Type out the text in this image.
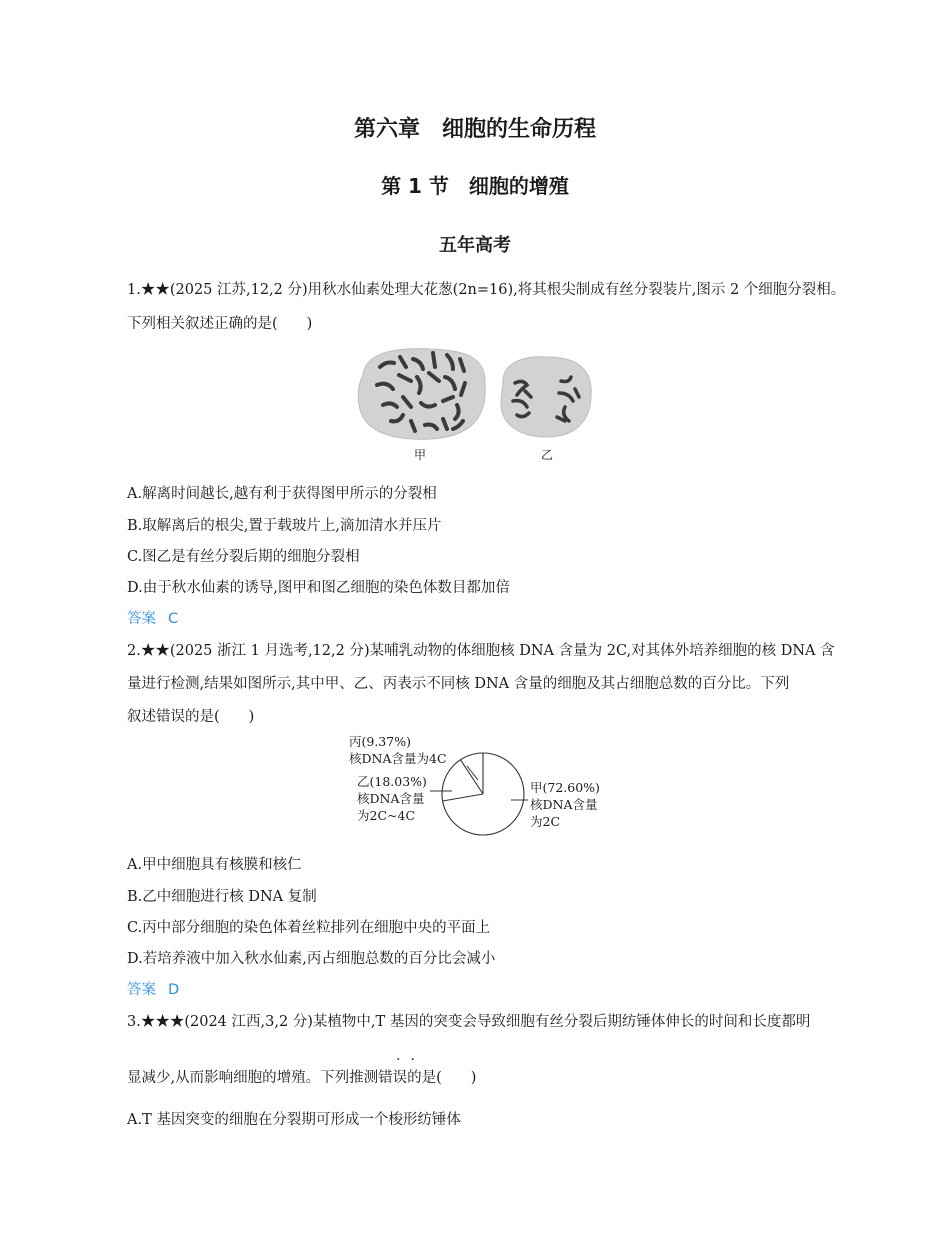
第六章　细胞的生命历程
第 1 节　细胞的增殖
五年高考
1.★★(2025 江苏,12,2 分)用秋水仙素处理大花葱(2n=16),将其根尖制成有丝分裂装片,图示 2 个细胞分裂相。
下列相关叙述正确的是(　　)
甲	乙
A.解离时间越长,越有利于获得图甲所示的分裂相
B.取解离后的根尖,置于载玻片上,滴加清水并压片
C.图乙是有丝分裂后期的细胞分裂相
D.由于秋水仙素的诱导,图甲和图乙细胞的染色体数目都加倍
答案 C
2.★★(2025 浙江 1 月选考,12,2 分)某哺乳动物的体细胞核 DNA 含量为 2C,对其体外培养细胞的核 DNA 含
量进行检测,结果如图所示,其中甲、乙、丙表示不同核 DNA 含量的细胞及其占细胞总数的百分比。下列
叙述错误的是(　　)
丙(9.37%)
核DNA含量为4C
乙(18.03%)
核DNA含量
为2C~4C
甲(72.60%)
核DNA含量
为2C
A.甲中细胞具有核膜和核仁
B.乙中细胞进行核 DNA 复制
C.丙中部分细胞的染色体着丝粒排列在细胞中央的平面上
D.若培养液中加入秋水仙素,丙占细胞总数的百分比会减小
答案 D
3.★★★(2024 江西,3,2 分)某植物中,T 基因的突变会导致细胞有丝分裂后期纺锤体伸长的时间和长度都明
..
显减少,从而影响细胞的增殖。下列推测错误的是(　　)
A.T 基因突变的细胞在分裂期可形成一个梭形纺锤体
